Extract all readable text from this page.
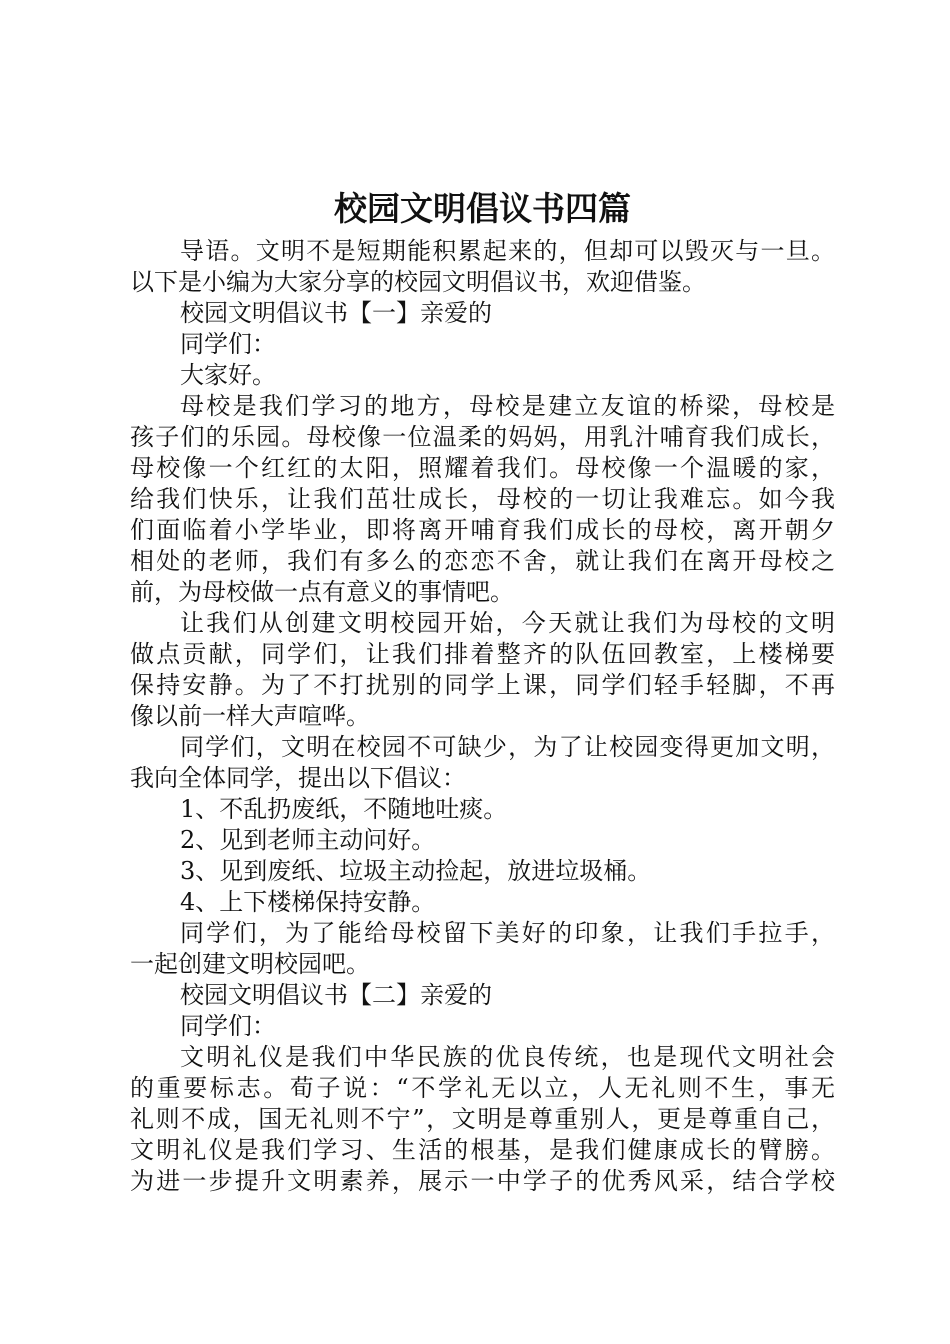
校园文明倡议书四篇
导语。文明不是短期能积累起来的，但却可以毁灭与一旦。
以下是小编为大家分享的校园文明倡议书，欢迎借鉴。
校园文明倡议书【一】亲爱的
同学们：
大家好。
母校是我们学习的地方，母校是建立友谊的桥梁，母校是
孩子们的乐园。母校像一位温柔的妈妈，用乳汁哺育我们成长，
母校像一个红红的太阳，照耀着我们。母校像一个温暖的家，
给我们快乐，让我们茁壮成长，母校的一切让我难忘。如今我
们面临着小学毕业，即将离开哺育我们成长的母校，离开朝夕
相处的老师，我们有多么的恋恋不舍，就让我们在离开母校之
前，为母校做一点有意义的事情吧。
让我们从创建文明校园开始，今天就让我们为母校的文明
做点贡献，同学们，让我们排着整齐的队伍回教室，上楼梯要
保持安静。为了不打扰别的同学上课，同学们轻手轻脚，不再
像以前一样大声喧哗。
同学们，文明在校园不可缺少，为了让校园变得更加文明，
我向全体同学，提出以下倡议：
1、不乱扔废纸，不随地吐痰。
2、见到老师主动问好。
3、见到废纸、垃圾主动捡起，放进垃圾桶。
4、上下楼梯保持安静。
同学们，为了能给母校留下美好的印象，让我们手拉手，
一起创建文明校园吧。
校园文明倡议书【二】亲爱的
同学们：
文明礼仪是我们中华民族的优良传统，也是现代文明社会
的重要标志。荀子说：“不学礼无以立，人无礼则不生，事无
礼则不成，国无礼则不宁”，文明是尊重别人，更是尊重自己，
文明礼仪是我们学习、生活的根基，是我们健康成长的臂膀。
为进一步提升文明素养，展示一中学子的优秀风采，结合学校
